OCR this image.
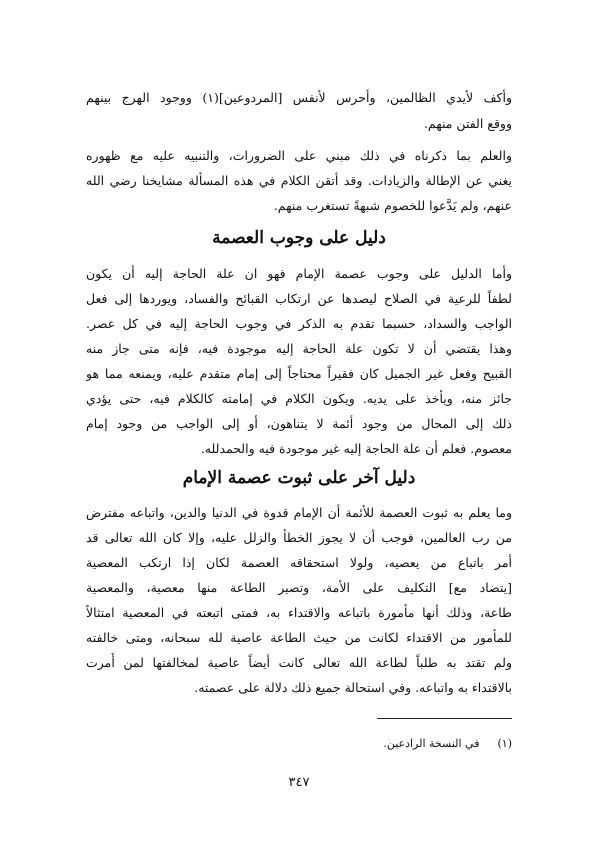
وأكف لأيدي الظالمين، وأحرس لأنفس [المردوعين](١) ووجود الهرج بينهم
ووقع الفتن منهم.
والعلم بما ذكرناه في ذلك مبني على الضرورات، والتنبيه عليه مع ظهوره
يغني عن الإطالة والزيادات. وقد أتقن الكلام في هذه المسألة مشايخنا رضي الله
عنهم، ولم يَدَّعوا للخصوم شبهةً تستغرب منهم.
دليل على وجوب العصمة
وأما الدليل على وجوب عصمة الإمام فهو ان علة الحاجة إليه أن يكون
لطفاً للرعية في الصلاح ليصدها عن ارتكاب القبائح والفساد، ويوردها إلى فعل
الواجب والسداد، حسبما تقدم به الذكر في وجوب الحاجة إليه في كل عصر.
وهذا يقتضي أن لا تكون علة الحاجة إليه موجودة فيه، فإنه متى جاز منه
القبيح وفعل غير الجميل كان فقيراً محتاجاً إلى إمام متقدم عليه، ويمنعه مما هو
جائز منه، ويأخذ على يديه. ويكون الكلام في إمامته كالكلام فيه، حتى يؤدي
ذلك إلى المحال من وجود أئمة لا يتناهون، أو إلى الواجب من وجود إمام
معصوم. فعلم أن علة الحاجة إليه غير موجودة فيه والحمدلله.
دليل آخر على ثبوت عصمة الإمام
وما يعلم به ثبوت العصمة للأئمة أن الإمام قدوة في الدنيا والدين، واتباعه مفترض
من رب العالمين، فوجب أن لا يجوز الخطأ والزلل عليه، وإلا كان الله تعالى قد
أمر باتباع من يعصيه، ولولا استحقاقه العصمة لكان إذا ارتكب المعصية
[يتضاد مع] التكليف على الأمة، وتصير الطاعة منها معصية، والمعصية
طاعة، وذلك أنها مأمورة باتباعه والاقتداء به، فمتى اتبعته في المعصية امتثالاً
للمأمور من الاقتداء لكانت من حيث الطاعة عاصية لله سبحانه، ومتى خالفته
ولم تقتد به طلباً لطاعة الله تعالى كانت أيضاً عاصية لمخالفتها لمن أُمرت
بالاقتداء به واتباعه. وفي استحالة جميع ذلك دلالة على عصمته.
(١)في النسخة الرادعين.
٣٤٧
